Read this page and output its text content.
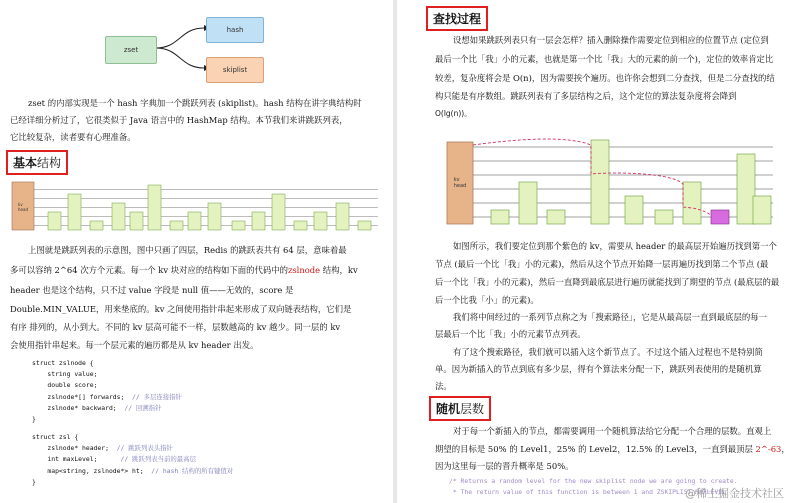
zset
hash
skiplist

zset 的内部实现是一个 hash 字典加一个跳跃列表 (skiplist)。hash 结构在讲字典结构时

已经详细分析过了，它很类似于 Java 语言中的 HashMap 结构。本节我们来讲跳跃列表，

它比较复杂，读者要有心理准备。

基本结构
kv
head

上图就是跳跃列表的示意图，图中只画了四层，Redis 的跳跃表共有 64 层，意味着最

多可以容纳 2^64 次方个元素。每一个 kv 块对应的结构如下面的代码中的zslnode 结构，kv

header 也是这个结构，只不过 value 字段是 null 值——无效的，score 是

Double.MIN_VALUE，用来垫底的。kv 之间使用指针串起来形成了双向链表结构，它们是

有序 排列的，从小到大。不同的 kv 层高可能不一样，层数越高的 kv 越少。同一层的 kv

会使用指针串起来。每一个层元素的遍历都是从 kv header 出发。

struct zslnode {
string value;
double score;
zslnode*[] forwards;  // 多层连接指针
zslnode* backward;  // 回溯指针
}
struct zsl {
zslnode* header;  // 跳跃列表头指针
int maxLevel;      // 跳跃列表当前的最高层
map<string, zslnode*> ht;  // hash 结构的所有键值对
}
查找过程

设想如果跳跃列表只有一层会怎样？插入删除操作需要定位到相应的位置节点 (定位到

最后一个比「我」小的元素，也就是第一个比「我」大的元素的前一个)，定位的效率肯定比

较差，复杂度将会是 O(n)，因为需要挨个遍历。也许你会想到二分查找，但是二分查找的结

构只能是有序数组。跳跃列表有了多层结构之后，这个定位的算法复杂度将会降到

O(lg(n))。

kv
head

如图所示，我们要定位到那个紫色的 kv，需要从 header 的最高层开始遍历找到第一个

节点 (最后一个比「我」小的元素)，然后从这个节点开始降一层再遍历找到第二个节点 (最

后一个比「我」小的元素)，然后一直降到最底层进行遍历就能找到了期望的节点 (最底层的最

后一个比我「小」的元素)。

我们将中间经过的一系列节点称之为「搜索路径」，它是从最高层一直到最底层的每一

层最后一个比「我」小的元素节点列表。

有了这个搜索路径，我们就可以插入这个新节点了。不过这个插入过程也不是特别简

单。因为新插入的节点到底有多少层，得有个算法来分配一下，跳跃列表使用的是随机算

法。

随机层数

对于每一个新插入的节点，都需要调用一个随机算法给它分配一个合理的层数。直观上

期望的目标是 50% 的 Level1，25% 的 Level2，12.5% 的 Level3，一直到最顶层 2^-63，

因为这里每一层的晋升概率是 50%。

/* Returns a random level for the new skiplist node we are going to create.
* The return value of this function is between 1 and ZSKIPLIST_MAXLEVEL
@稀土掘金技术社区
